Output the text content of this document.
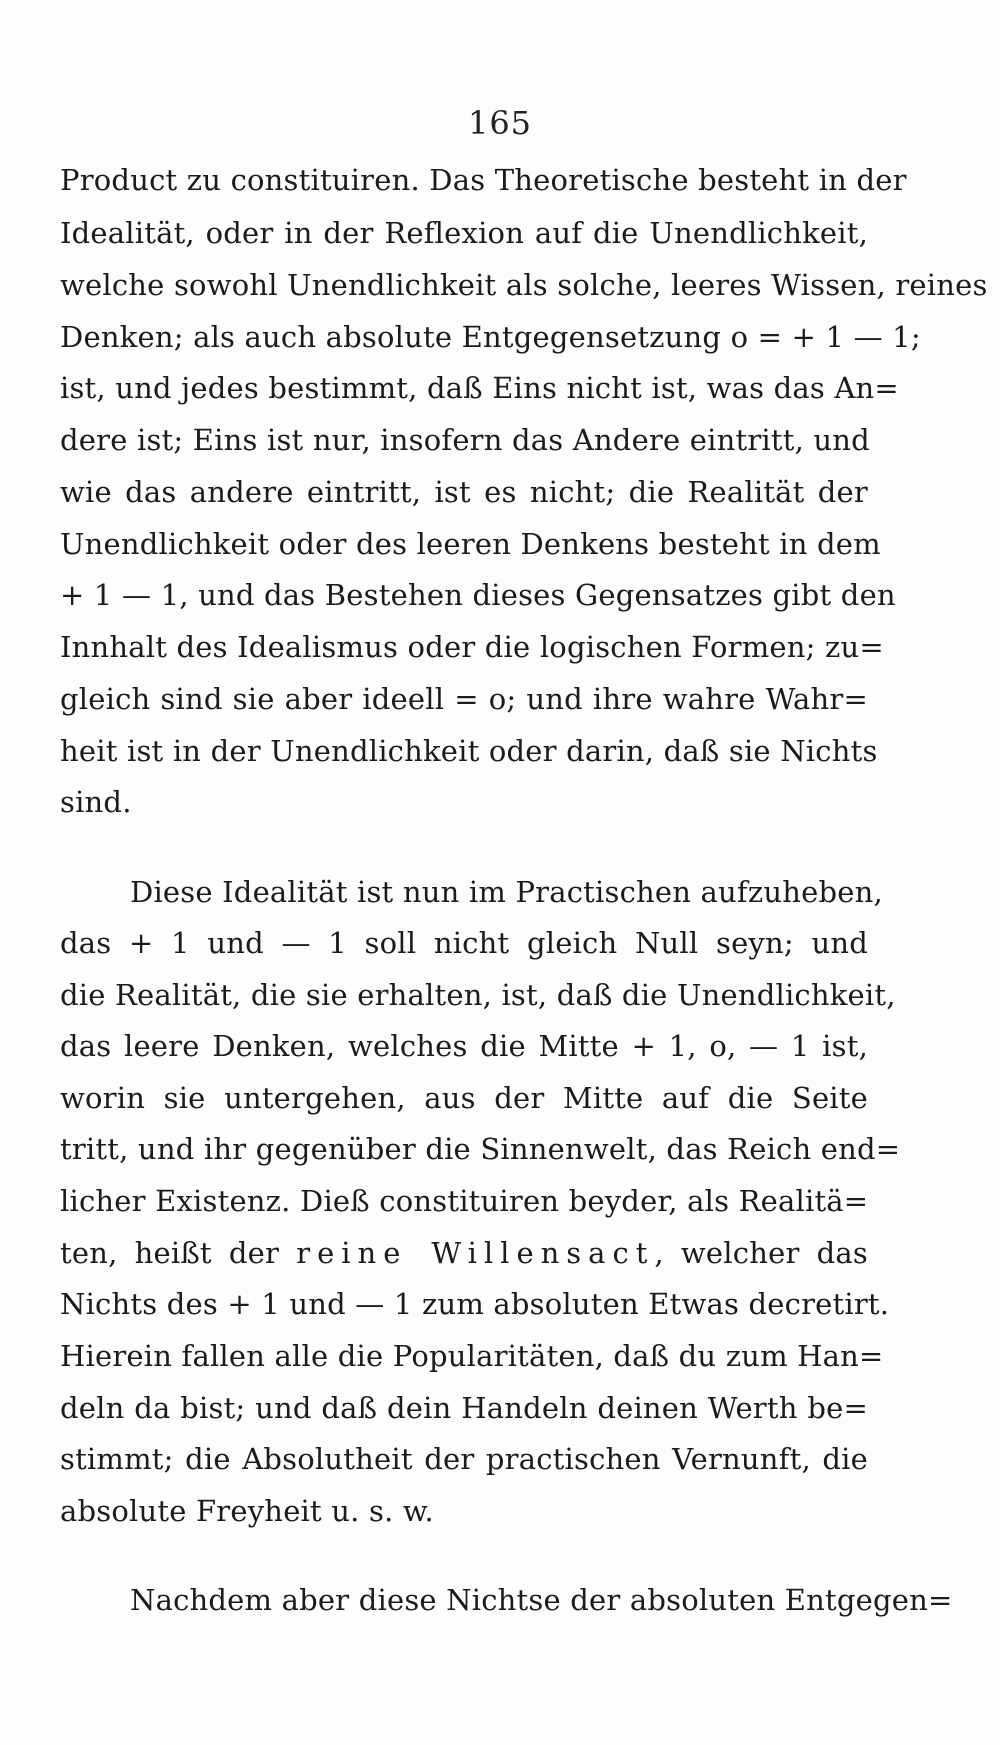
165
Product zu constituiren. Das Theoretische besteht in der
Idealität, oder in der Reflexion auf die Unendlichkeit,
welche sowohl Unendlichkeit als solche, leeres Wissen, reines
Denken; als auch absolute Entgegensetzung o = + 1 — 1;
ist, und jedes bestimmt, daß Eins nicht ist, was das An=
dere ist; Eins ist nur, insofern das Andere eintritt, und
wie das andere eintritt, ist es nicht; die Realität der
Unendlichkeit oder des leeren Denkens besteht in dem
+ 1 — 1, und das Bestehen dieses Gegensatzes gibt den
Innhalt des Idealismus oder die logischen Formen; zu=
gleich sind sie aber ideell = o; und ihre wahre Wahr=
heit ist in der Unendlichkeit oder darin, daß sie Nichts
sind.
Diese Idealität ist nun im Practischen aufzuheben,
das + 1 und — 1 soll nicht gleich Null seyn; und
die Realität, die sie erhalten, ist, daß die Unendlichkeit,
das leere Denken, welches die Mitte + 1, o, — 1 ist,
worin sie untergehen, aus der Mitte auf die Seite
tritt, und ihr gegenüber die Sinnenwelt, das Reich end=
licher Existenz. Dieß constituiren beyder, als Realitä=
ten, heißt der reine Willensact, welcher das
Nichts des + 1 und — 1 zum absoluten Etwas decretirt.
Hierein fallen alle die Popularitäten, daß du zum Han=
deln da bist; und daß dein Handeln deinen Werth be=
stimmt; die Absolutheit der practischen Vernunft, die
absolute Freyheit u. s. w.
Nachdem aber diese Nichtse der absoluten Entgegen=
